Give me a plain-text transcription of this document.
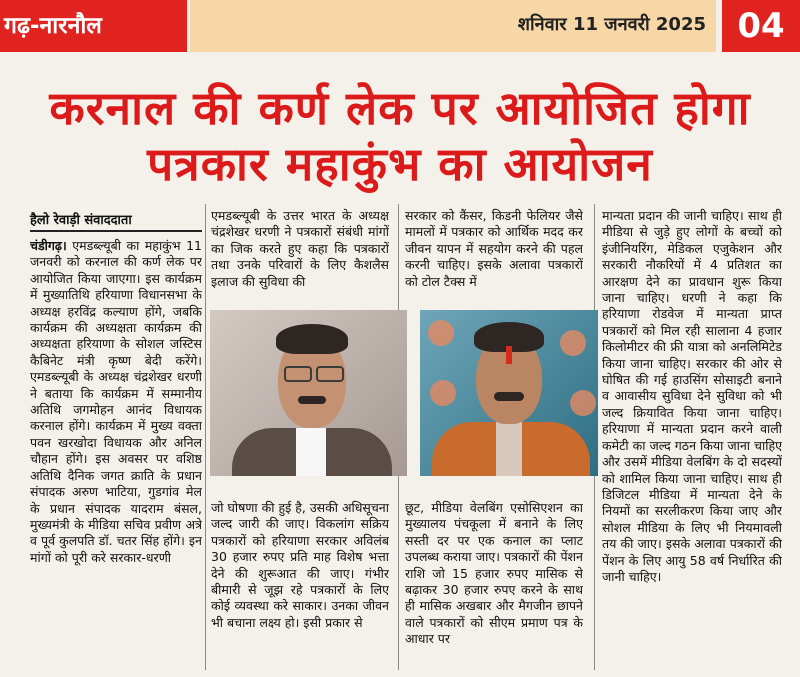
गढ़-नारनौल	शनिवार 11 जनवरी 2025 04
करनाल की कर्ण लेक पर आयोजित होगा
पत्रकार महाकुंभ का आयोजन
हैलो रेवाड़ी संवाददाता
चंडीगढ़। एमडब्ल्यूबी का महाकुंभ 11 जनवरी को करनाल की कर्ण लेक पर आयोजित किया जाएगा। इस कार्यक्रम में मुख्यातिथि हरियाणा विधानसभा के अध्यक्ष हरविंद्र कल्याण होंगे, जबकि कार्यक्रम की अध्यक्षता कार्यक्रम की अध्यक्षता हरियाणा के सोशल जस्टिस कैबिनेट मंत्री कृष्ण बेदी करेंगे। एमडब्ल्यूबी के अध्यक्ष चंद्रशेखर धरणी ने बताया कि कार्यक्रम में सम्मानीय अतिथि जगमोहन आनंद विधायक करनाल होंगे। कार्यक्रम में मुख्य वक्ता पवन खरखोदा विधायक और अनिल चौहान होंगे। इस अवसर पर वशिष्ठ अतिथि दैनिक जगत क्राति के प्रधान संपादक अरुण भाटिया, गुडगांव मेल के प्रधान संपादक यादराम बंसल, मुख्यमंत्री के मीडिया सचिव प्रवीण अत्रे व पूर्व कुलपति डॉ. चतर सिंह होंगे। इन मांगों को पूरी करे सरकार-धरणी
एमडब्ल्यूबी के उत्तर भारत के अध्यक्ष चंद्रशेखर धरणी ने पत्रकारों संबंधी मांगों का जिक करते हुए कहा कि पत्रकारों तथा उनके परिवारों के लिए कैशलैस इलाज की सुविधा की
सरकार को कैंसर, किडनी फेलियर जैसे मामलों में पत्रकार को आर्थिक मदद कर जीवन यापन में सहयोग करने की पहल करनी चाहिए। इसके अलावा पत्रकारों को टोल टैक्स में
जो घोषणा की हुई है, उसकी अधिसूचना जल्द जारी की जाए। विकलांग सक्रिय पत्रकारों को हरियाणा सरकार अविलंब 30 हजार रुपए प्रति माह विशेष भत्ता देने की शुरूआत की जाए। गंभीर बीमारी से जूझ रहे पत्रकारों के लिए कोई व्यवस्था करे साकार। उनका जीवन भी बचाना लक्ष्य हो। इसी प्रकार से
छूट, मीडिया वेलबिंग एसोसिएशन का मुख्यालय पंचकूला में बनाने के लिए सस्ती दर पर एक कनाल का प्लाट उपलब्ध कराया जाए। पत्रकारों की पेंशन राशि जो 15 हजार रुपए मासिक से बढ़ाकर 30 हजार रुपए करने के साथ ही मासिक अखबार और मैगजीन छापने वाले पत्रकारों को सीएम प्रमाण पत्र के आधार पर
मान्यता प्रदान की जानी चाहिए। साथ ही मीडिया से जुड़े हुए लोगों के बच्चों को इंजीनियरिंग, मेडिकल एजुकेशन और सरकारी नौकरियों में 4 प्रतिशत का आरक्षण देने का प्रावधान शुरू किया जाना चाहिए। धरणी ने कहा कि हरियाणा रोडवेज में मान्यता प्राप्त पत्रकारों को मिल रही सालाना 4 हजार किलोमीटर की फ्री यात्रा को अनलिमिटेड किया जाना चाहिए। सरकार की ओर से घोषित की गई हाउसिंग सोसाइटी बनाने व आवासीय सुविधा देने सुविधा को भी जल्द क्रियावित किया जाना चाहिए। हरियाणा में मान्यता प्रदान करने वाली कमेटी का जल्द गठन किया जाना चाहिए और उसमें मीडिया वेलबिंग के दो सदस्यों को शामिल किया जाना चाहिए। साथ ही डिजिटल मीडिया में मान्यता देने के नियमों का सरलीकरण किया जाए और सोशल मीडिया के लिए भी नियमावली तय की जाए। इसके अलावा पत्रकारों की पेंशन के लिए आयु 58 वर्ष निर्धारित की जानी चाहिए।
